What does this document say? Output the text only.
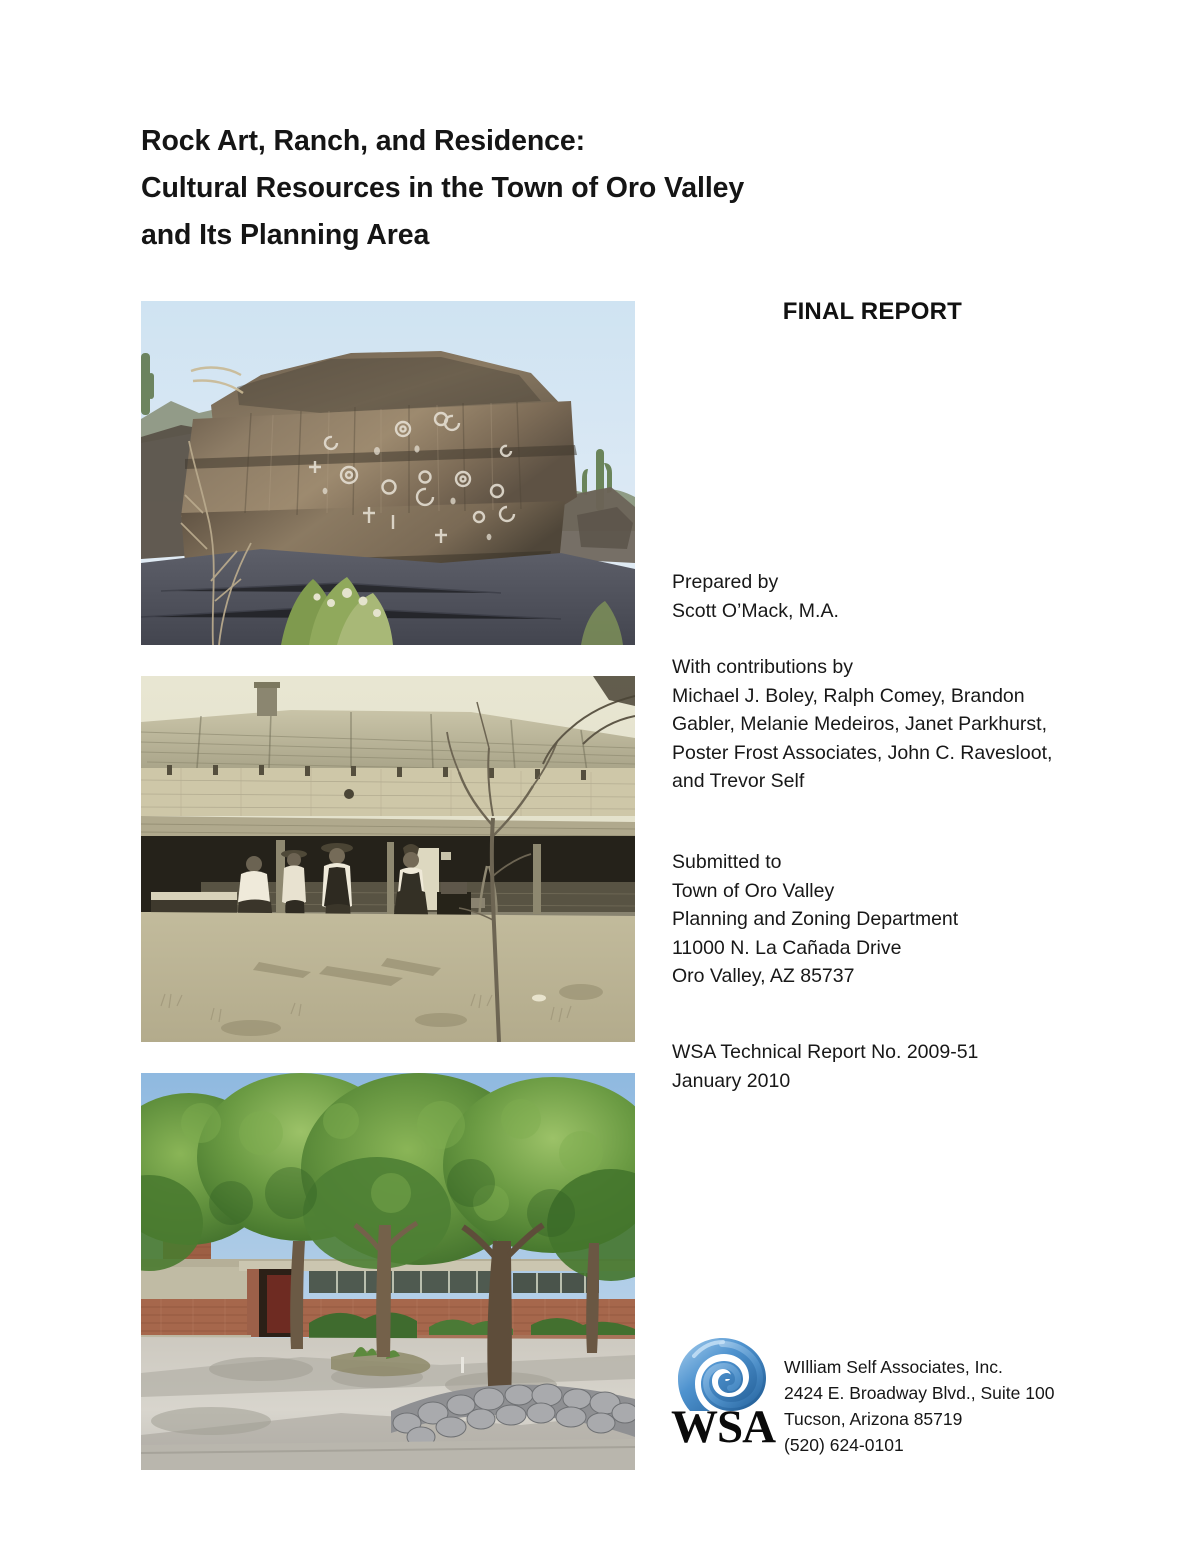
Rock Art, Ranch, and Residence:
Cultural Resources in the Town of Oro Valley
and Its Planning Area
FINAL REPORT
Prepared by
Scott O’Mack, M.A.
With contributions by
Michael J. Boley, Ralph Comey, Brandon Gabler, Melanie Medeiros, Janet Parkhurst, Poster Frost Associates, John C. Ravesloot, and Trevor Self
Submitted to
Town of Oro Valley
Planning and Zoning Department
11000 N. La Cañada Drive
Oro Valley, AZ 85737
WSA Technical Report No. 2009-51
January 2010
WSA
WIlliam Self Associates, Inc.
2424 E. Broadway Blvd., Suite 100
Tucson, Arizona 85719
(520) 624-0101
